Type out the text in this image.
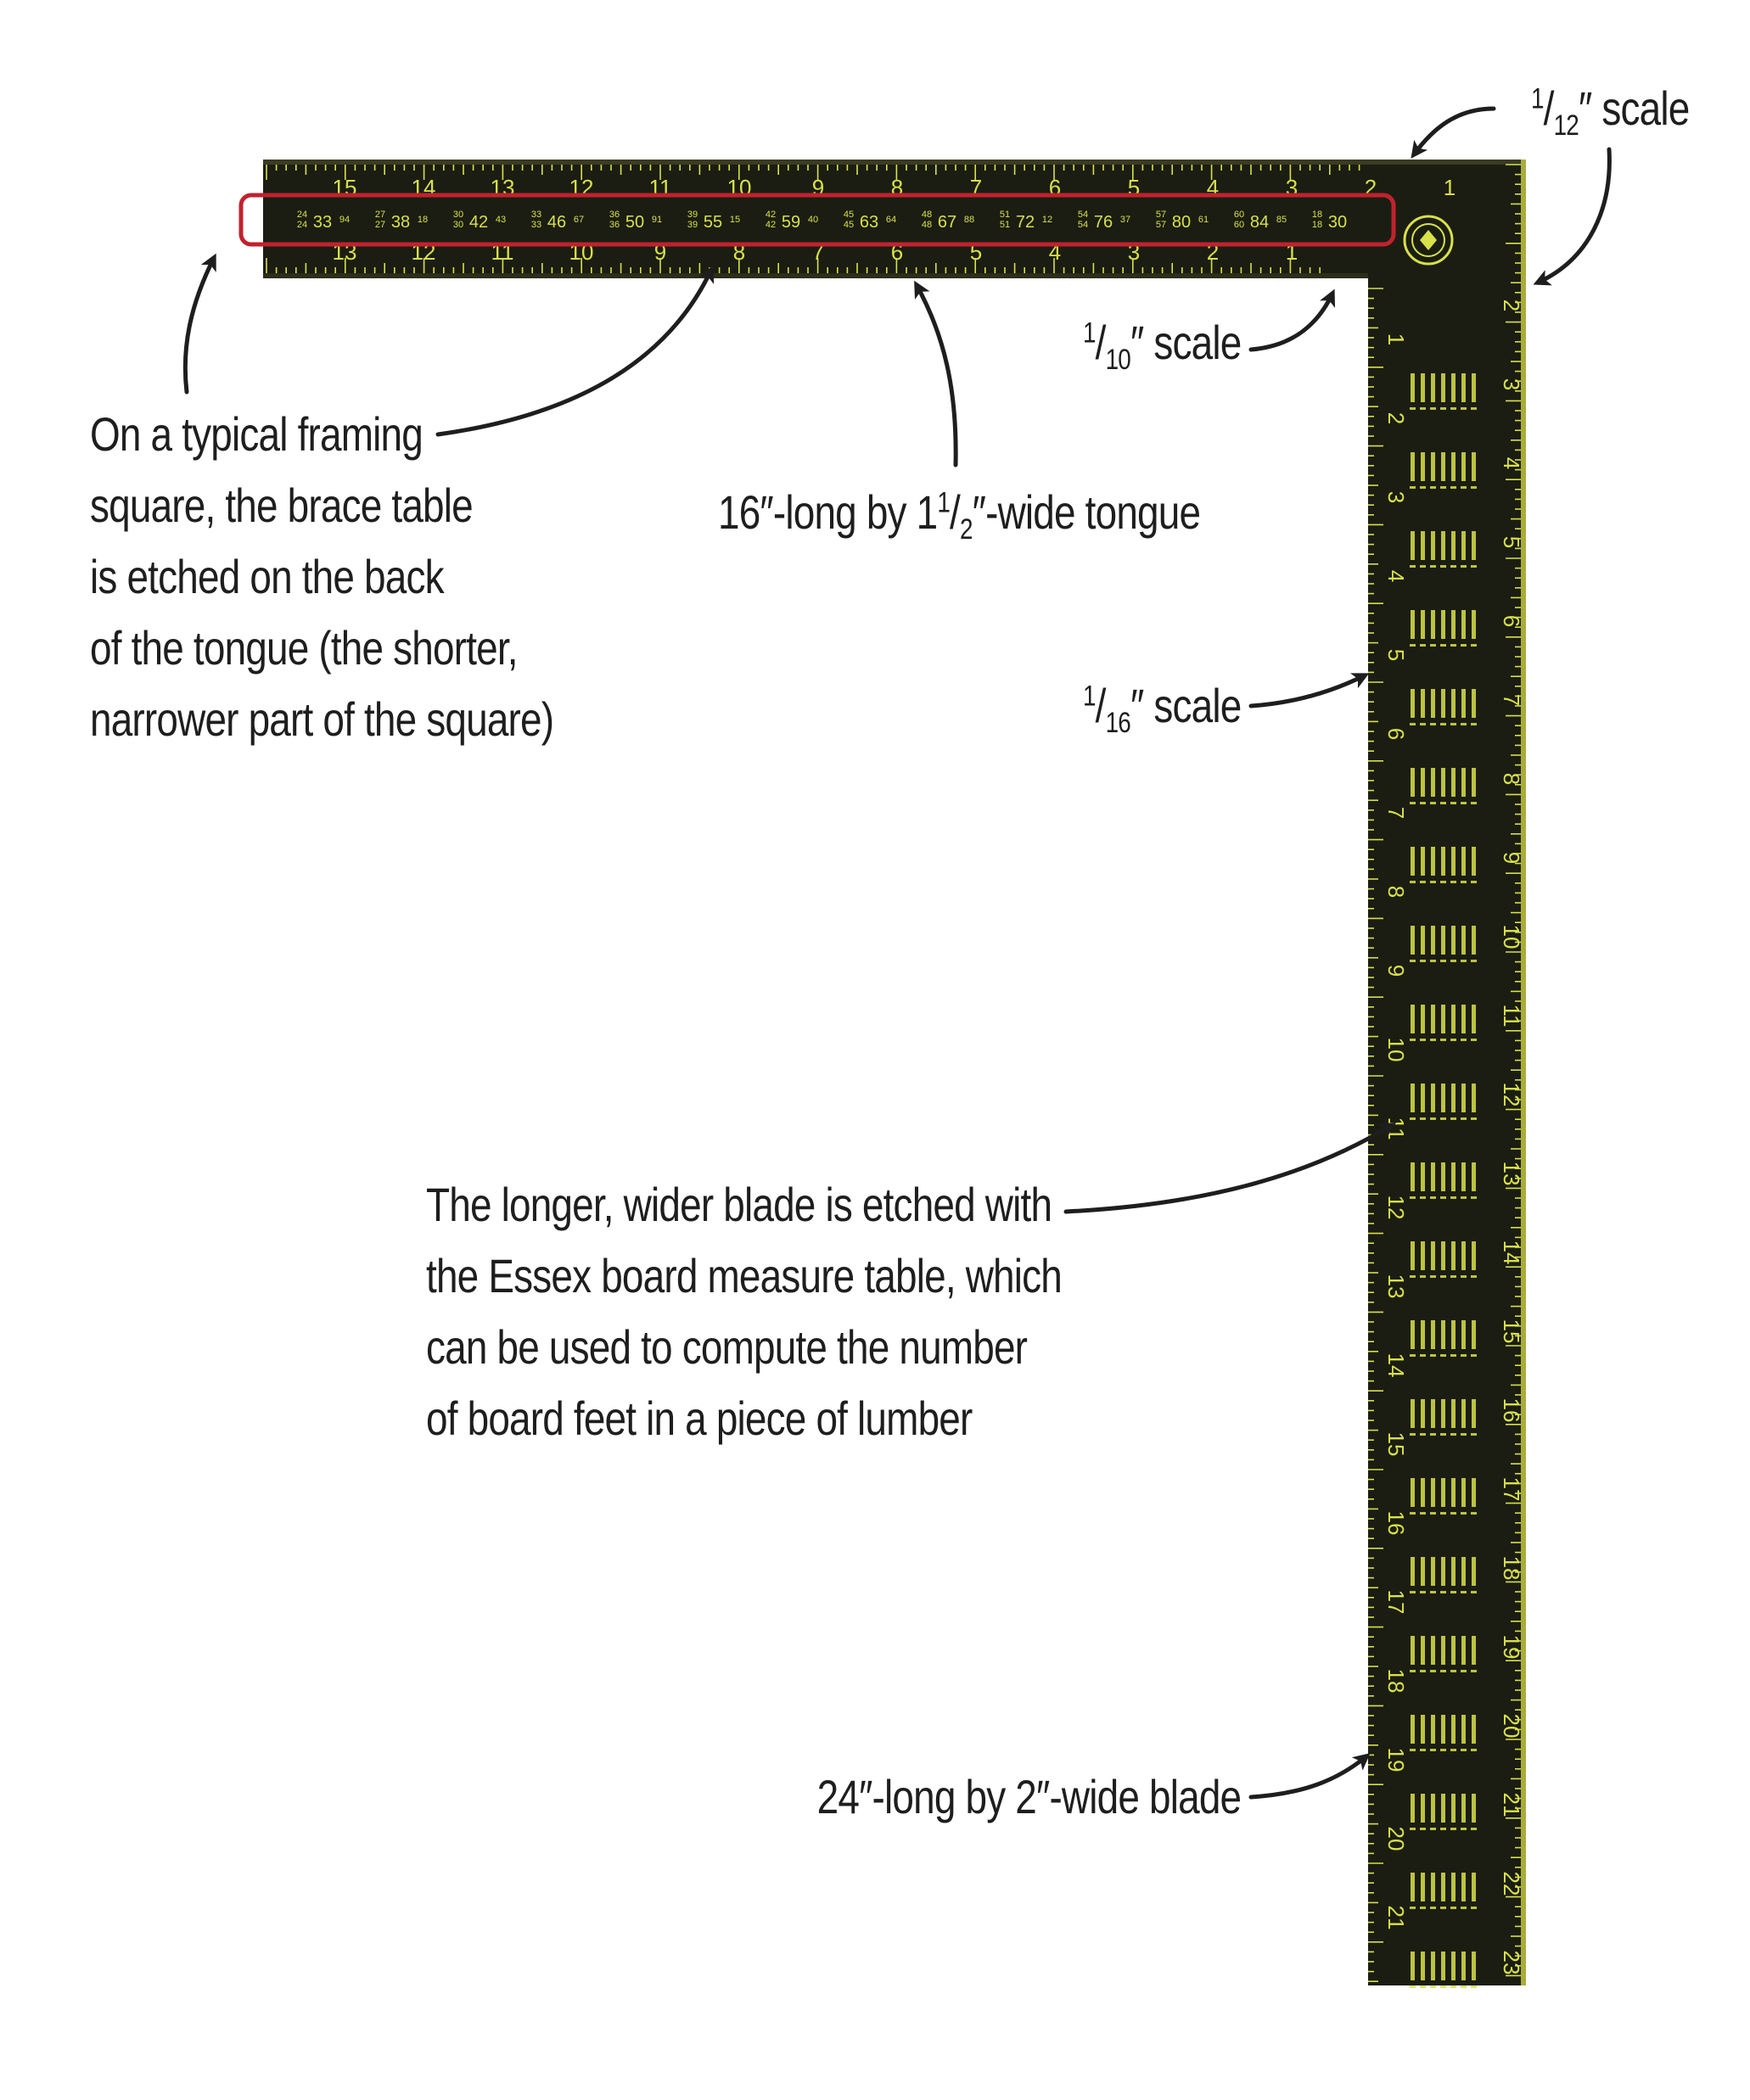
15 14 13 12	11	10	9	8	7	6	5	4	3	2	1
13 12	11	10	9	8	7	6	5	4	3	2	1
1
2
3
4
5
6
7
8
9
10
11
12
13
14
15
16
17
18
19
20
21
2
3
4
5
6
7
8
9
10
11
12
13
14
15
16
17
18
19
20
21
22
23
24
24 33 94	27
27 38 18	30
30 42 43	33
33 46 67	36
36 50 91	39
39 55 15	42
42 59 40	45
45 63 64	48
48 67 88	51
51 72 12	54
54 76 37	57
57 80 61	60
60 84 85	18
18 30
$^1/_{12}''$ scale
$^1/_{10}''$ scale
16″-long by $1^1/_2''$-wide tongue
$^1/_{16}''$ scale
On a typical framing
square, the brace table
is etched on the back
of the tongue (the shorter,
narrower part of the square)
The longer, wider blade is etched with
the Essex board measure table, which
can be used to compute the number
of board feet in a piece of lumber
24″-long by 2″-wide blade
